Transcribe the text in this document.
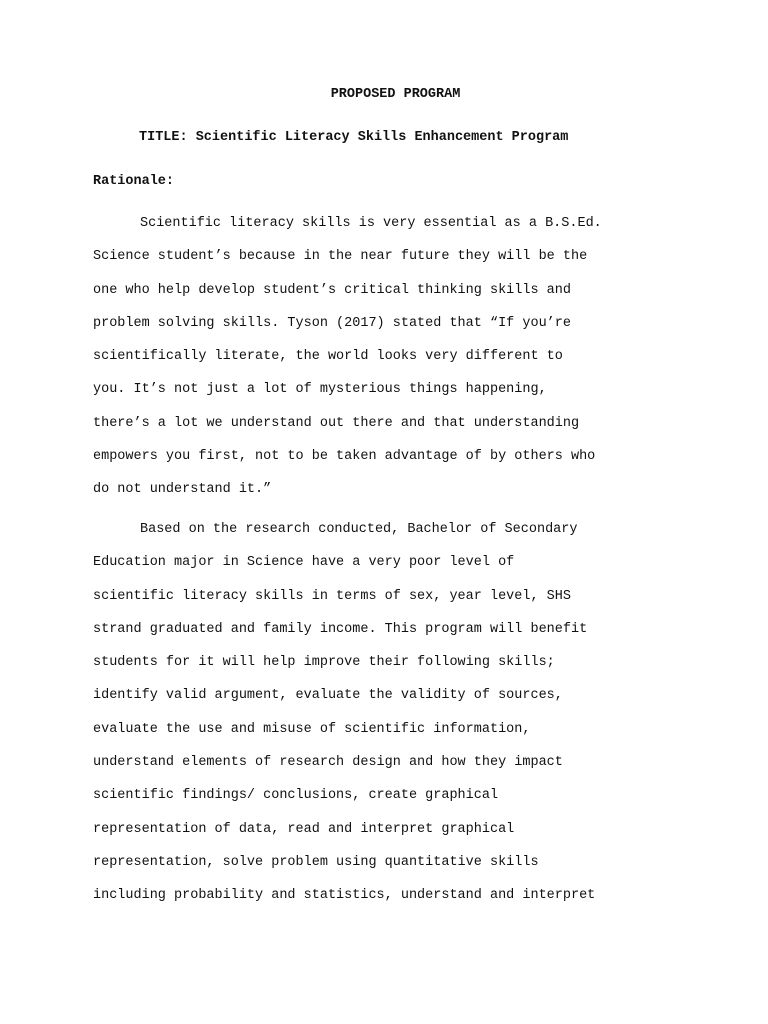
PROPOSED PROGRAM
TITLE: Scientific Literacy Skills Enhancement Program
Rationale:
Scientific literacy skills is very essential as a B.S.Ed.
Science student’s because in the near future they will be the
one who help develop student’s critical thinking skills and
problem solving skills. Tyson (2017) stated that “If you’re
scientifically literate, the world looks very different to
you. It’s not just a lot of mysterious things happening,
there’s a lot we understand out there and that understanding
empowers you first, not to be taken advantage of by others who
do not understand it.”
Based on the research conducted, Bachelor of Secondary
Education major in Science have a very poor level of
scientific literacy skills in terms of sex, year level, SHS
strand graduated and family income. This program will benefit
students for it will help improve their following skills;
identify valid argument, evaluate the validity of sources,
evaluate the use and misuse of scientific information,
understand elements of research design and how they impact
scientific findings/ conclusions, create graphical
representation of data, read and interpret graphical
representation, solve problem using quantitative skills
including probability and statistics, understand and interpret
